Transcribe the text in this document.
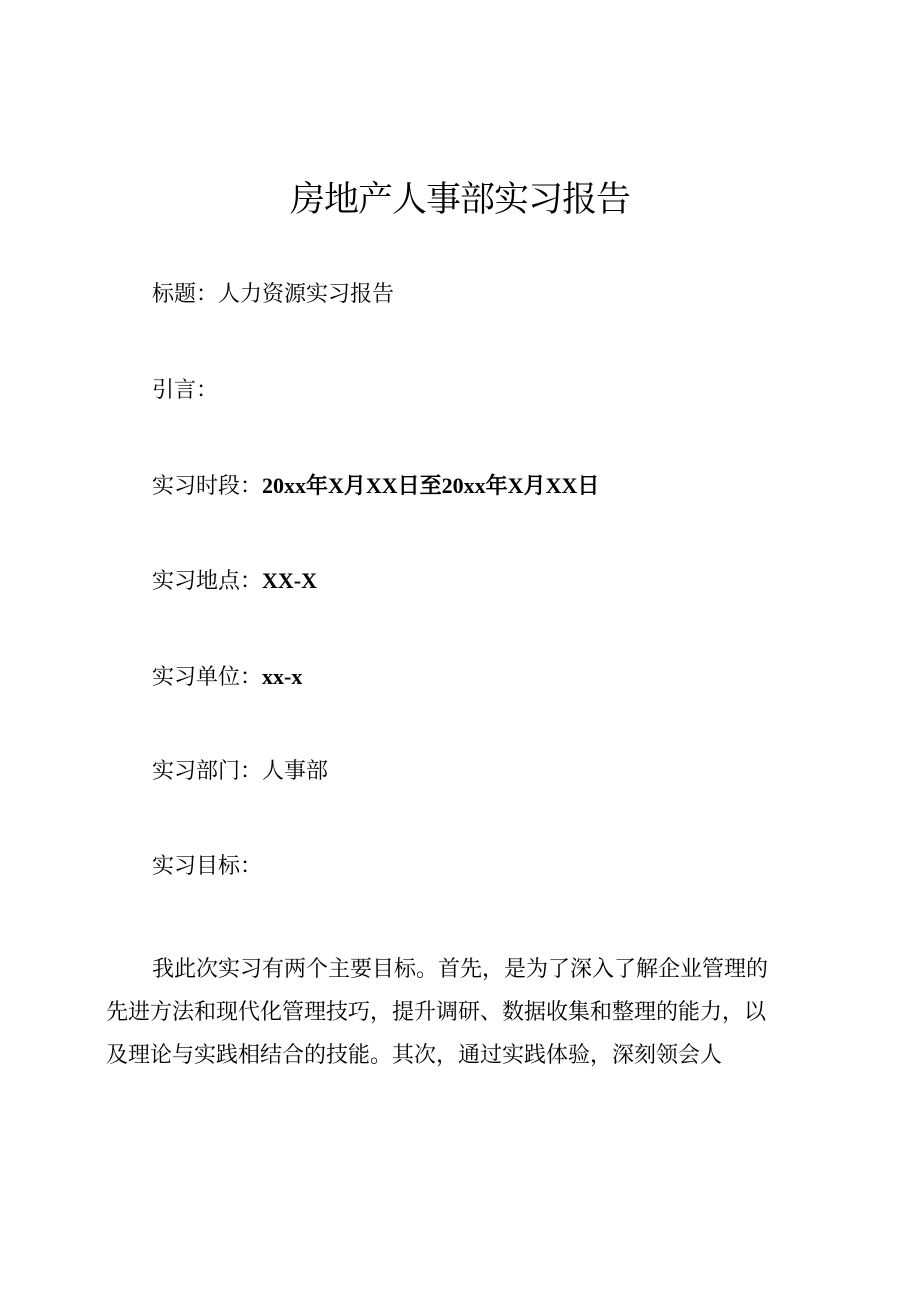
房地产人事部实习报告
标题：人力资源实习报告
引言：
实习时段：20xx年X月XX日至20xx年X月XX日
实习地点：XX-X
实习单位：xx-x
实习部门：人事部
实习目标：
我此次实习有两个主要目标。首先，是为了深入了解企业管理的
先进方法和现代化管理技巧，提升调研、数据收集和整理的能力，以
及理论与实践相结合的技能。其次，通过实践体验，深刻领会人
